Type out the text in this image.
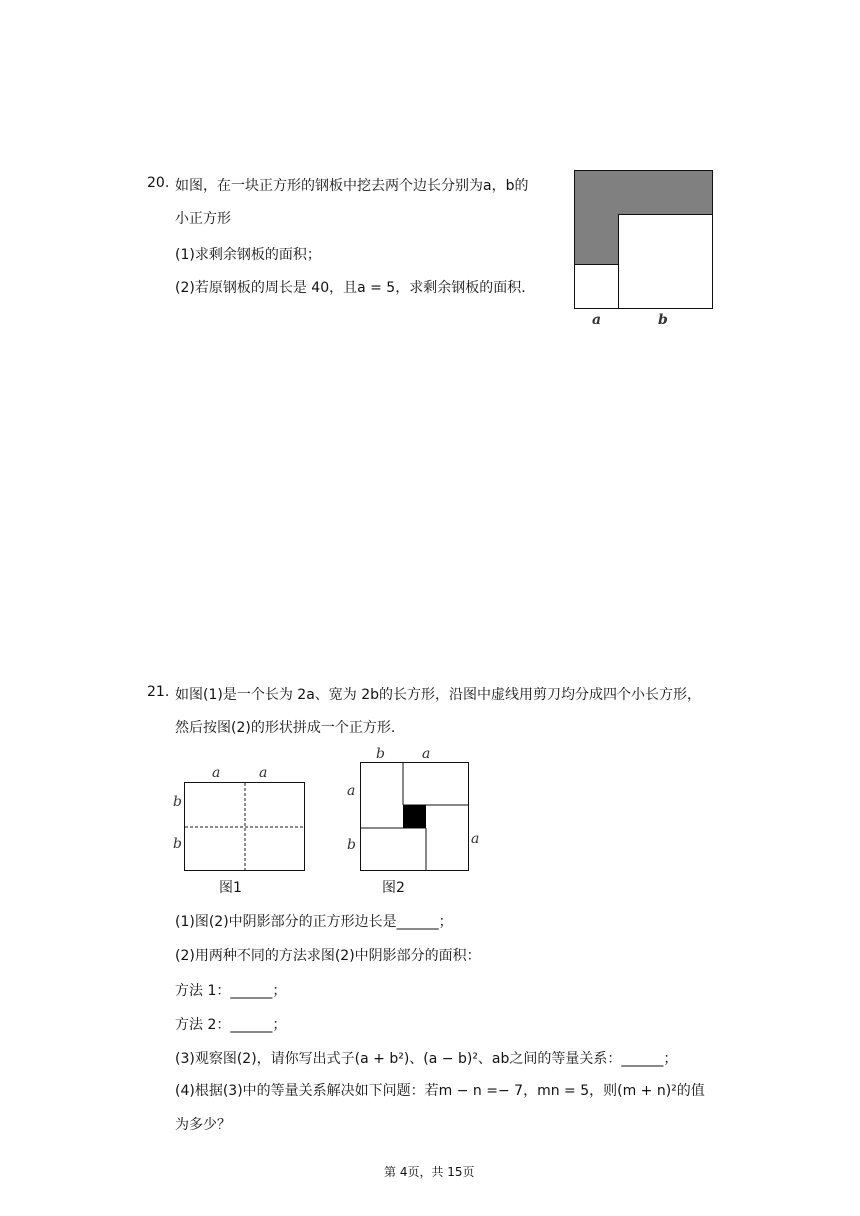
20. 如图，在一块正方形的钢板中挖去两个边长分别为a，b的
小正方形
(1)求剩余钢板的面积；
(2)若原钢板的周长是 40，且a = 5，求剩余钢板的面积.
a	b
21. 如图(1)是一个长为 2a、宽为 2b的长方形，沿图中虚线用剪刀均分成四个小长方形，
然后按图(2)的形状拼成一个正方形.
a	a
b
b
图1
b	a
a
b	a
图2
(1)图(2)中阴影部分的正方形边长是______；
(2)用两种不同的方法求图(2)中阴影部分的面积：
方法 1：______；
方法 2：______；
(3)观察图(2)，请你写出式子(a + b²)、(a − b)²、ab之间的等量关系：______；
(4)根据(3)中的等量关系解决如下问题：若m − n =− 7，mn = 5，则(m + n)²的值
为多少？
第 4页，共 15页
